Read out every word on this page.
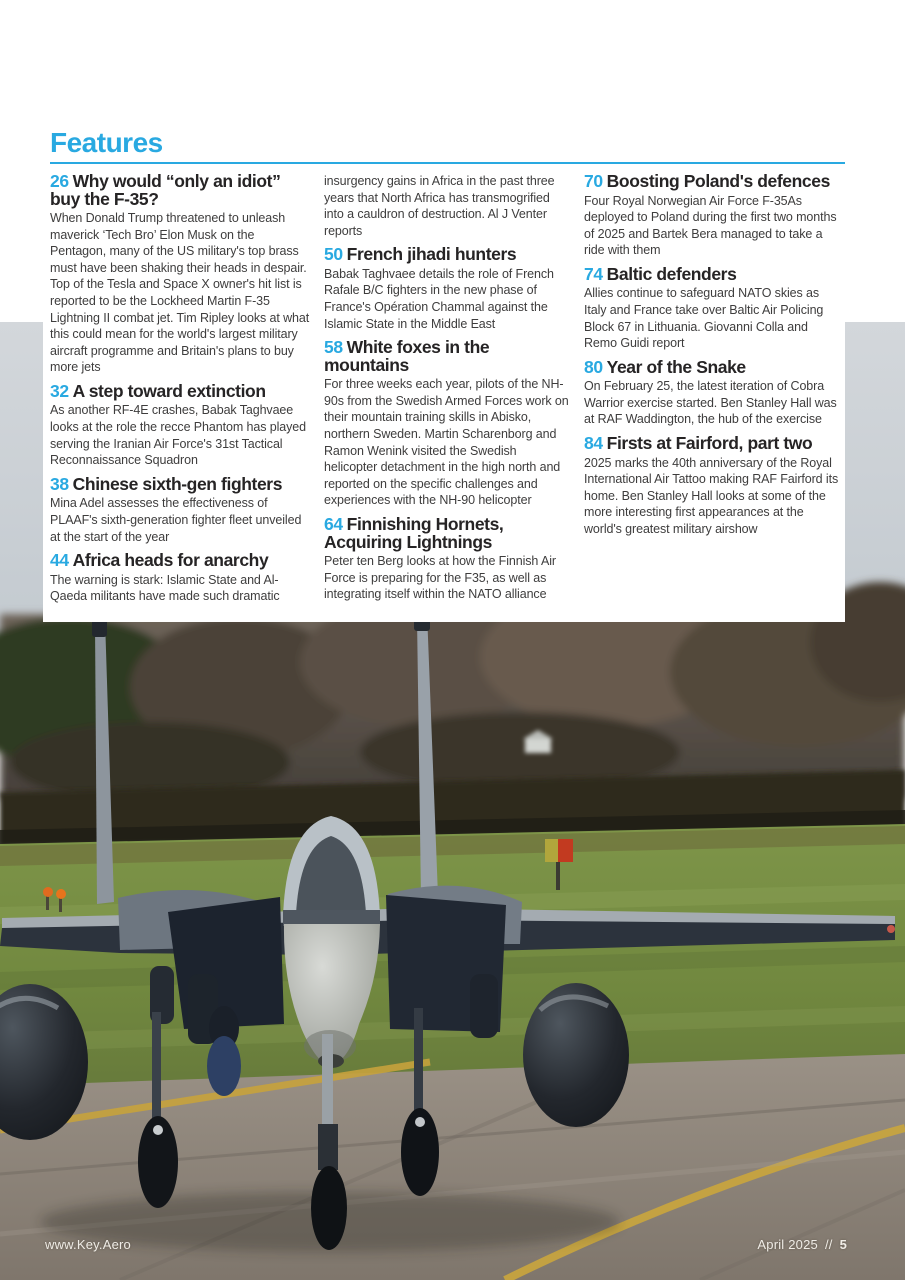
Features
26 Why would “only an idiot” buy the F-35?

When Donald Trump threatened to unleash maverick ‘Tech Bro’ Elon Musk on the Pentagon, many of the US military's top brass must have been shaking their heads in despair. Top of the Tesla and Space X owner's hit list is reported to be the Lockheed Martin F-35 Lightning II combat jet. Tim Ripley looks at what this could mean for the world's largest military aircraft programme and Britain's plans to buy more jets

32 A step toward extinction

As another RF-4E crashes, Babak Taghvaee looks at the role the recce Phantom has played serving the Iranian Air Force's 31st Tactical Reconnaissance Squadron

38 Chinese sixth-gen fighters

Mina Adel assesses the effectiveness of PLAAF's sixth-generation fighter fleet unveiled at the start of the year

44 Africa heads for anarchy

The warning is stark: Islamic State and Al-Qaeda militants have made such dramatic

insurgency gains in Africa in the past three years that North Africa has transmogrified into a cauldron of destruction. Al J Venter reports

50 French jihadi hunters

Babak Taghvaee details the role of French Rafale B/C fighters in the new phase of France's Opération Chammal against the Islamic State in the Middle East

58 White foxes in the mountains

For three weeks each year, pilots of the NH-90s from the Swedish Armed Forces work on their mountain training skills in Abisko, northern Sweden. Martin Scharenborg and Ramon Wenink visited the Swedish helicopter detachment in the high north and reported on the specific challenges and experiences with the NH-90 helicopter

64 Finnishing Hornets, Acquiring Lightnings

Peter ten Berg looks at how the Finnish Air Force is preparing for the F35, as well as integrating itself within the NATO alliance

70 Boosting Poland's defences

Four Royal Norwegian Air Force F-35As deployed to Poland during the first two months of 2025 and Bartek Bera managed to take a ride with them

74 Baltic defenders

Allies continue to safeguard NATO skies as Italy and France take over Baltic Air Policing Block 67 in Lithuania. Giovanni Colla and Remo Guidi report

80 Year of the Snake

On February 25, the latest iteration of Cobra Warrior exercise started. Ben Stanley Hall was at RAF Waddington, the hub of the exercise

84 Firsts at Fairford, part two

2025 marks the 40th anniversary of the Royal International Air Tattoo making RAF Fairford its home. Ben Stanley Hall looks at some of the more interesting first appearances at the world's greatest military airshow

www.Key.Aero	April 2025 // 5
